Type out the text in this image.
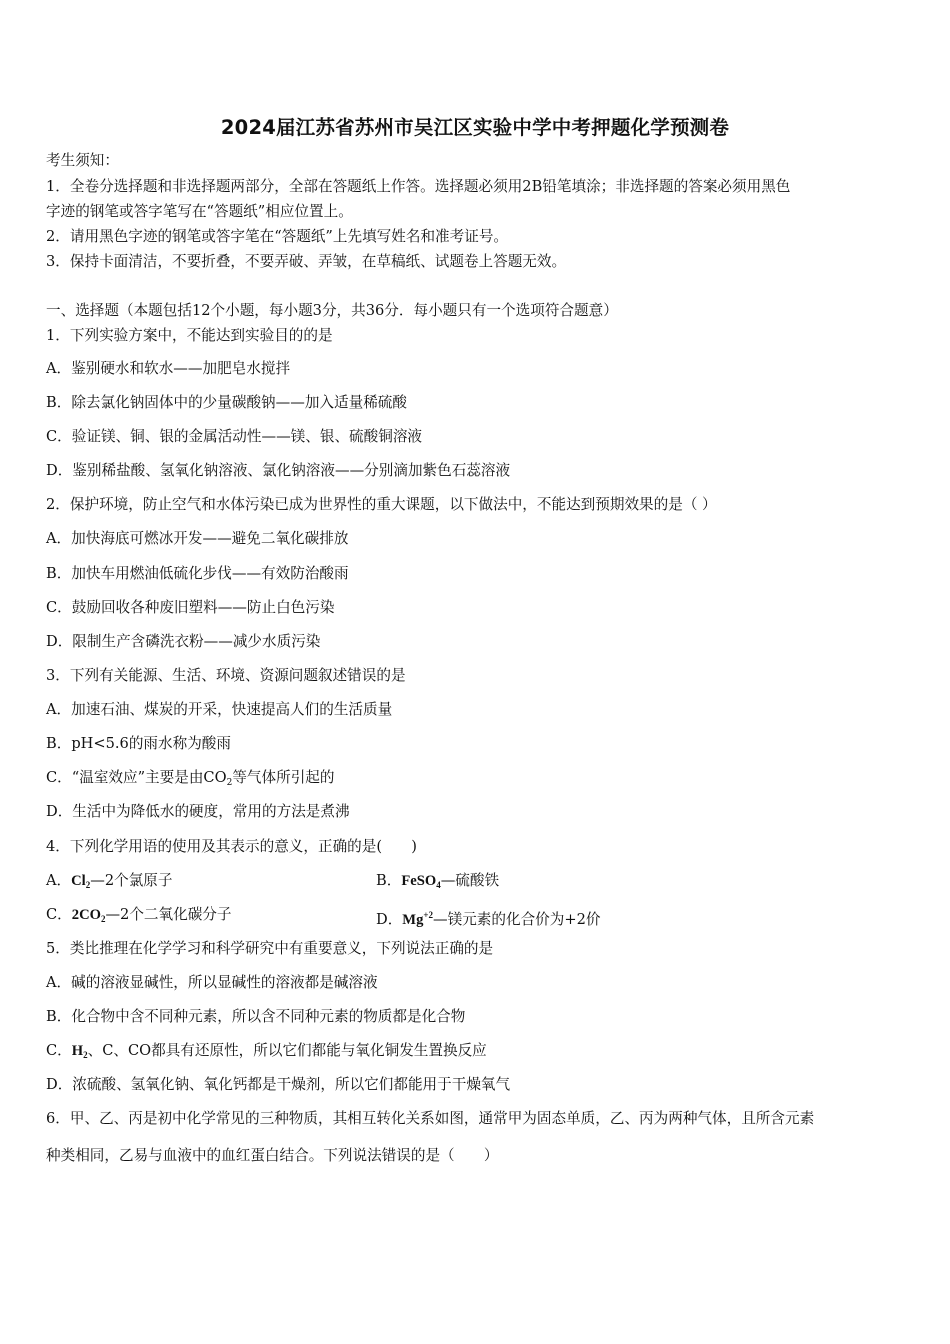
2024届江苏省苏州市吴江区实验中学中考押题化学预测卷
考生须知：
1．全卷分选择题和非选择题两部分，全部在答题纸上作答。选择题必须用2B铅笔填涂；非选择题的答案必须用黑色
字迹的钢笔或答字笔写在“答题纸”相应位置上。
2．请用黑色字迹的钢笔或答字笔在“答题纸”上先填写姓名和准考证号。
3．保持卡面清洁，不要折叠，不要弄破、弄皱，在草稿纸、试题卷上答题无效。
一、选择题（本题包括12个小题，每小题3分，共36分．每小题只有一个选项符合题意）
1．下列实验方案中，不能达到实验目的的是
A．鉴别硬水和软水——加肥皂水搅拌
B．除去氯化钠固体中的少量碳酸钠——加入适量稀硫酸
C．验证镁、铜、银的金属活动性——镁、银、硫酸铜溶液
D．鉴别稀盐酸、氢氧化钠溶液、氯化钠溶液——分别滴加紫色石蕊溶液
2．保护环境，防止空气和水体污染已成为世界性的重大课题，以下做法中，不能达到预期效果的是（ ）
A．加快海底可燃冰开发——避免二氧化碳排放
B．加快车用燃油低硫化步伐——有效防治酸雨
C．鼓励回收各种废旧塑料——防止白色污染
D．限制生产含磷洗衣粉——减少水质污染
3．下列有关能源、生活、环境、资源问题叙述错误的是
A．加速石油、煤炭的开采，快速提高人们的生活质量
B．pH<5.6的雨水称为酸雨
C．“温室效应”主要是由$CO_2$等气体所引起的
D．生活中为降低水的硬度，常用的方法是煮沸
4．下列化学用语的使用及其表示的意义，正确的是(　　)
A．$Cl_2—2$个氯原子	B．FeSO$_4$—硫酸铁
C．$2CO_2—2$个二氧化碳分子	D．$Mg^{+2}—$镁元素的化合价为+2价
5．类比推理在化学学习和科学研究中有重要意义，下列说法正确的是
A．碱的溶液显碱性，所以显碱性的溶液都是碱溶液
B．化合物中含不同种元素，所以含不同种元素的物质都是化合物
C．$H_2$、C、CO都具有还原性，所以它们都能与氧化铜发生置换反应
D．浓硫酸、氢氧化钠、氧化钙都是干燥剂，所以它们都能用于干燥氧气
6．甲、乙、丙是初中化学常见的三种物质，其相互转化关系如图，通常甲为固态单质，乙、丙为两种气体，且所含元素
种类相同，乙易与血液中的血红蛋白结合。下列说法错误的是（　　）
